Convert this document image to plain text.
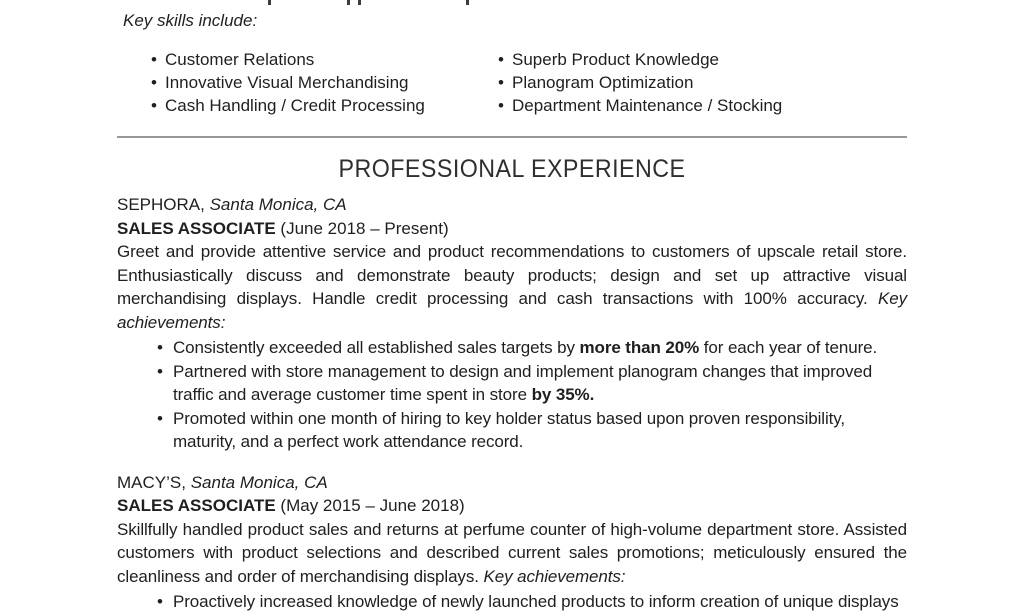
Key skills include:
• Customer Relations
• Innovative Visual Merchandising
• Cash Handling / Credit Processing
• Superb Product Knowledge
• Planogram Optimization
• Department Maintenance / Stocking
PROFESSIONAL EXPERIENCE
SEPHORA, Santa Monica, CA
SALES ASSOCIATE (June 2018 – Present)
Greet and provide attentive service and product recommendations to customers of upscale retail store. Enthusiastically discuss and demonstrate beauty products; design and set up attractive visual merchandising displays. Handle credit processing and cash transactions with 100% accuracy. Key achievements:
• Consistently exceeded all established sales targets by more than 20% for each year of tenure.
• Partnered with store management to design and implement planogram changes that improved traffic and average customer time spent in store by 35%.
• Promoted within one month of hiring to key holder status based upon proven responsibility, maturity, and a perfect work attendance record.
MACY’S, Santa Monica, CA
SALES ASSOCIATE (May 2015 – June 2018)
Skillfully handled product sales and returns at perfume counter of high-volume department store. Assisted customers with product selections and described current sales promotions; meticulously ensured the cleanliness and order of merchandising displays. Key achievements:
• Proactively increased knowledge of newly launched products to inform creation of unique displays
